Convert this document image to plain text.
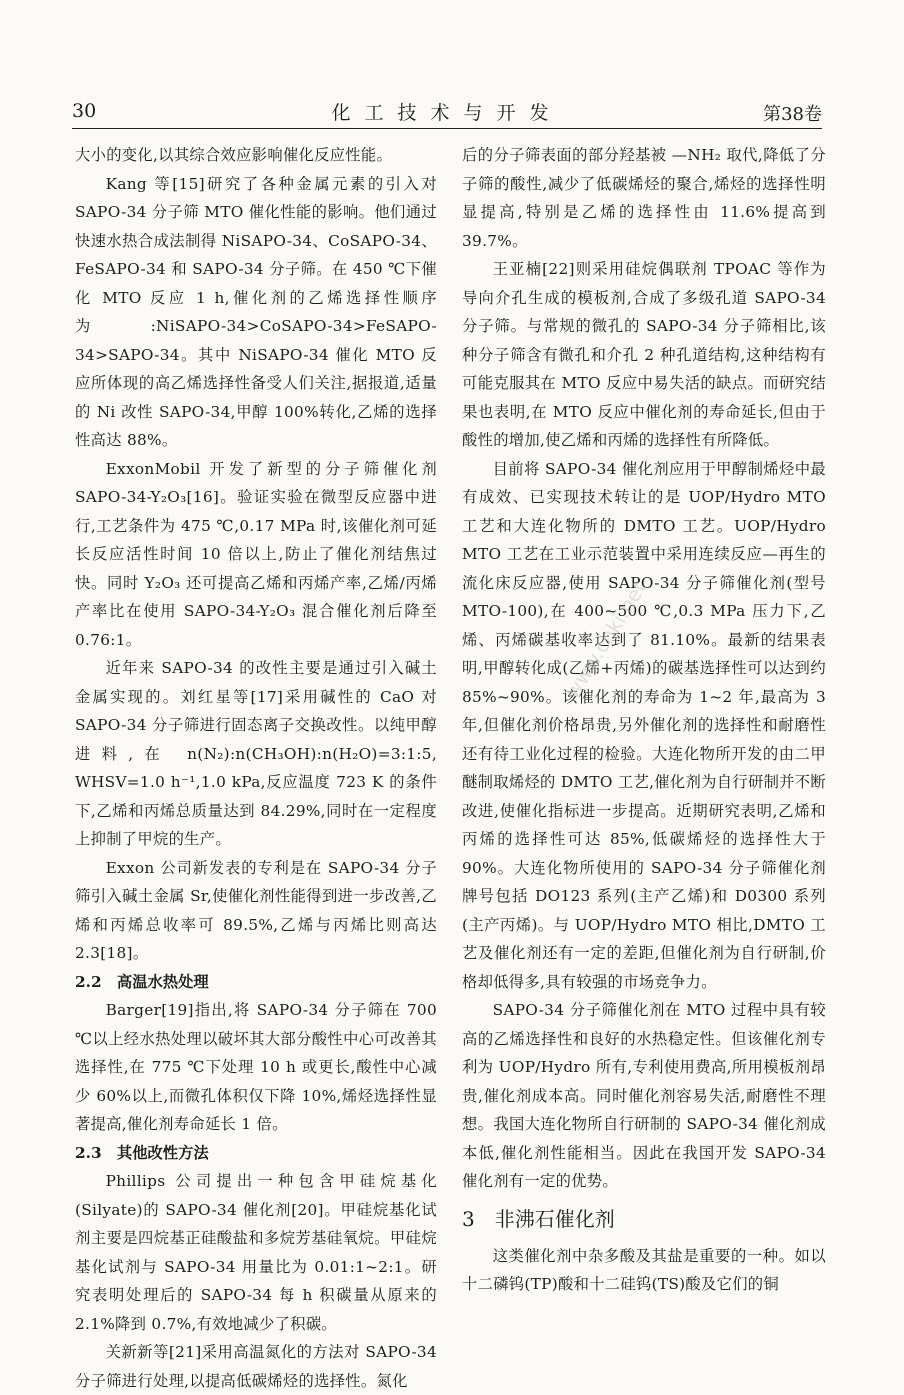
30	化工技术与开发	第38卷

大小的变化,以其综合效应影响催化反应性能。

Kang 等[15]研究了各种金属元素的引入对 SAPO-34 分子筛 MTO 催化性能的影响。他们通过快速水热合成法制得 NiSAPO-34、CoSAPO-34、FeSAPO-34 和 SAPO-34 分子筛。在 450 ℃下催化 MTO 反应 1 h,催化剂的乙烯选择性顺序为:NiSAPO-34>CoSAPO-34>FeSAPO-34>SAPO-34。其中 NiSAPO-34 催化 MTO 反应所体现的高乙烯选择性备受人们关注,据报道,适量的 Ni 改性 SAPO-34,甲醇 100%转化,乙烯的选择性高达 88%。

ExxonMobil 开发了新型的分子筛催化剂 SAPO-34-Y₂O₃[16]。验证实验在微型反应器中进行,工艺条件为 475 ℃,0.17 MPa 时,该催化剂可延长反应活性时间 10 倍以上,防止了催化剂结焦过快。同时 Y₂O₃ 还可提高乙烯和丙烯产率,乙烯/丙烯产率比在使用 SAPO-34-Y₂O₃ 混合催化剂后降至 0.76:1。

近年来 SAPO-34 的改性主要是通过引入碱土金属实现的。刘红星等[17]采用碱性的 CaO 对 SAPO-34 分子筛进行固态离子交换改性。以纯甲醇进料,在 n(N₂):n(CH₃OH):n(H₂O)=3:1:5, WHSV=1.0 h⁻¹,1.0 kPa,反应温度 723 K 的条件下,乙烯和丙烯总质量达到 84.29%,同时在一定程度上抑制了甲烷的生产。

Exxon 公司新发表的专利是在 SAPO-34 分子筛引入碱土金属 Sr,使催化剂性能得到进一步改善,乙烯和丙烯总收率可 89.5%,乙烯与丙烯比则高达 2.3[18]。

2.2　高温水热处理

Barger[19]指出,将 SAPO-34 分子筛在 700 ℃以上经水热处理以破坏其大部分酸性中心可改善其选择性,在 775 ℃下处理 10 h 或更长,酸性中心减少 60%以上,而微孔体积仅下降 10%,烯烃选择性显著提高,催化剂寿命延长 1 倍。

2.3　其他改性方法

Phillips 公司提出一种包含甲硅烷基化(Silyate)的 SAPO-34 催化剂[20]。甲硅烷基化试剂主要是四烷基正硅酸盐和多烷芳基硅氧烷。甲硅烷基化试剂与 SAPO-34 用量比为 0.01:1~2:1。研究表明处理后的 SAPO-34 每 h 积碳量从原来的 2.1%降到 0.7%,有效地减少了积碳。

关新新等[21]采用高温氮化的方法对 SAPO-34 分子筛进行处理,以提高低碳烯烃的选择性。氮化

后的分子筛表面的部分羟基被 —NH₂ 取代,降低了分子筛的酸性,减少了低碳烯烃的聚合,烯烃的选择性明显提高,特别是乙烯的选择性由 11.6%提高到 39.7%。

王亚楠[22]则采用硅烷偶联剂 TPOAC 等作为导向介孔生成的模板剂,合成了多级孔道 SAPO-34 分子筛。与常规的微孔的 SAPO-34 分子筛相比,该种分子筛含有微孔和介孔 2 种孔道结构,这种结构有可能克服其在 MTO 反应中易失活的缺点。而研究结果也表明,在 MTO 反应中催化剂的寿命延长,但由于酸性的增加,使乙烯和丙烯的选择性有所降低。

目前将 SAPO-34 催化剂应用于甲醇制烯烃中最有成效、已实现技术转让的是 UOP/Hydro MTO 工艺和大连化物所的 DMTO 工艺。UOP/Hydro MTO 工艺在工业示范装置中采用连续反应—再生的流化床反应器,使用 SAPO-34 分子筛催化剂(型号 MTO-100),在 400~500 ℃,0.3 MPa 压力下,乙烯、丙烯碳基收率达到了 81.10%。最新的结果表明,甲醇转化成(乙烯+丙烯)的碳基选择性可以达到约 85%~90%。该催化剂的寿命为 1~2 年,最高为 3 年,但催化剂价格昂贵,另外催化剂的选择性和耐磨性还有待工业化过程的检验。大连化物所开发的由二甲醚制取烯烃的 DMTO 工艺,催化剂为自行研制并不断改进,使催化指标进一步提高。近期研究表明,乙烯和丙烯的选择性可达 85%,低碳烯烃的选择性大于 90%。大连化物所使用的 SAPO-34 分子筛催化剂牌号包括 DO123 系列(主产乙烯)和 D0300 系列(主产丙烯)。与 UOP/Hydro MTO 相比,DMTO 工艺及催化剂还有一定的差距,但催化剂为自行研制,价格却低得多,具有较强的市场竞争力。

SAPO-34 分子筛催化剂在 MTO 过程中具有较高的乙烯选择性和良好的水热稳定性。但该催化剂专利为 UOP/Hydro 所有,专利使用费高,所用模板剂昂贵,催化剂成本高。同时催化剂容易失活,耐磨性不理想。我国大连化物所自行研制的 SAPO-34 催化剂成本低,催化剂性能相当。因此在我国开发 SAPO-34 催化剂有一定的优势。

3　非沸石催化剂

这类催化剂中杂多酸及其盐是重要的一种。如以十二磷钨(TP)酸和十二硅钨(TS)酸及它们的铜

www.cnki.net
